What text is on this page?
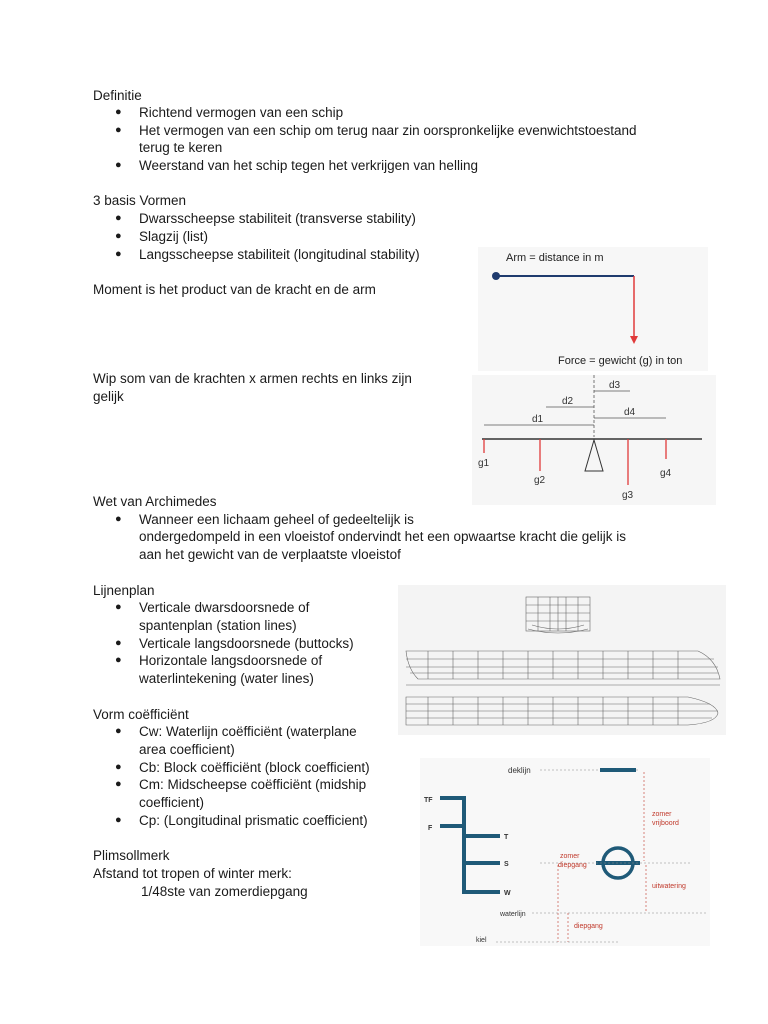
Definitie
● Richtend vermogen van een schip
● Het vermogen van een schip om terug naar zin oorspronkelijke evenwichtstoestand
terug te keren
● Weerstand van het schip tegen het verkrijgen van helling
3 basis Vormen
● Dwarsscheepse stabiliteit (transverse stability)
● Slagzij (list)
● Langsscheepse stabiliteit (longitudinal stability)
Moment is het product van de kracht en de arm
Arm = distance in m
Force = gewicht (g) in ton
Wip som van de krachten x armen rechts en links zijn
gelijk
d3
d2
d4
d1
g1
g2
g3
g4
Wet van Archimedes
● Wanneer een lichaam geheel of gedeeltelijk is
ondergedompeld in een vloeistof ondervindt het een opwaartse kracht die gelijk is
aan het gewicht van de verplaatste vloeistof
Lijnenplan
● Verticale dwarsdoorsnede of
spantenplan (station lines)
● Verticale langsdoorsnede (buttocks)
● Horizontale langsdoorsnede of
waterlintekening (water lines)
Vorm coëfficiënt
● Cw: Waterlijn coëfficiënt (waterplane
area coefficient)
● Cb: Block coëfficiënt (block coefficient)
● Cm: Midscheepse coëfficiënt (midship
coefficient)
● Cp: (Longitudinal prismatic coefficient)
Plimsollmerk
Afstand tot tropen of winter merk:
1/48ste van zomerdiepgang
deklijn
TF
F
T
S
W
zomer
vrijboord
zomer
diepgang
uitwatering
waterlijn
diepgang
kiel
